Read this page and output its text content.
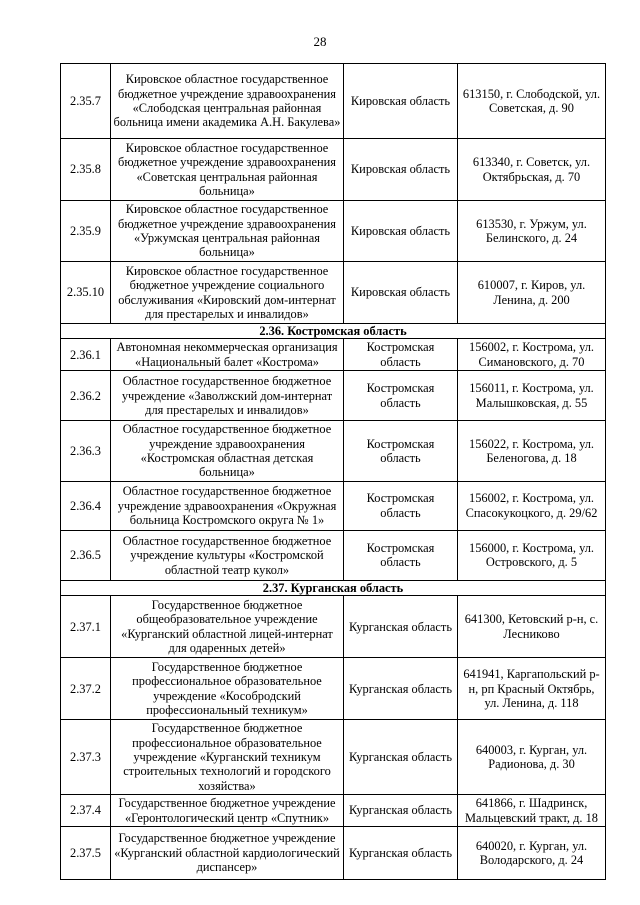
28
2.35.7	Кировское областное государственное бюджетное учреждение здравоохранения «Слободская центральная районная больница имени академика А.Н. Бакулева»	Кировская область	613150, г. Слободской, ул. Советская, д. 90
2.35.8	Кировское областное государственное бюджетное учреждение здравоохранения «Советская центральная районная больница»	Кировская область	613340, г. Советск, ул. Октябрьская, д. 70
2.35.9	Кировское областное государственное бюджетное учреждение здравоохранения «Уржумская центральная районная больница»	Кировская область	613530, г. Уржум, ул. Белинского, д. 24
2.35.10	Кировское областное государственное бюджетное учреждение социального обслуживания «Кировский дом-интернат для престарелых и инвалидов»	Кировская область	610007, г. Киров, ул. Ленина, д. 200
2.36. Костромская область			
2.36.1	Автономная некоммерческая организация «Национальный балет «Кострома»	Костромская область	156002, г. Кострома, ул. Симановского, д. 70
2.36.2	Областное государственное бюджетное учреждение «Заволжский дом-интернат для престарелых и инвалидов»	Костромская область	156011, г. Кострома, ул. Малышковская, д. 55
2.36.3	Областное государственное бюджетное учреждение здравоохранения «Костромская областная детская больница»	Костромская область	156022, г. Кострома, ул. Беленогова, д. 18
2.36.4	Областное государственное бюджетное учреждение здравоохранения «Окружная больница Костромского округа № 1»	Костромская область	156002, г. Кострома, ул. Спасокукоцкого, д. 29/62
2.36.5	Областное государственное бюджетное учреждение культуры «Костромской областной театр кукол»	Костромская область	156000, г. Кострома, ул. Островского, д. 5
2.37. Курганская область			
2.37.1	Государственное бюджетное общеобразовательное учреждение «Курганский областной лицей-интернат для одаренных детей»	Курганская область	641300, Кетовский р-н, с. Лесниково
2.37.2	Государственное бюджетное профессиональное образовательное учреждение «Кособродский профессиональный техникум»	Курганская область	641941, Каргапольский р-н, рп Красный Октябрь, ул. Ленина, д. 118
2.37.3	Государственное бюджетное профессиональное образовательное учреждение «Курганский техникум строительных технологий и городского хозяйства»	Курганская область	640003, г. Курган, ул. Радионова, д. 30
2.37.4	Государственное бюджетное учреждение «Геронтологический центр «Спутник»	Курганская область	641866, г. Шадринск, Мальцевский тракт, д. 18
2.37.5	Государственное бюджетное учреждение «Курганский областной кардиологический диспансер»	Курганская область	640020, г. Курган, ул. Володарского, д. 24
